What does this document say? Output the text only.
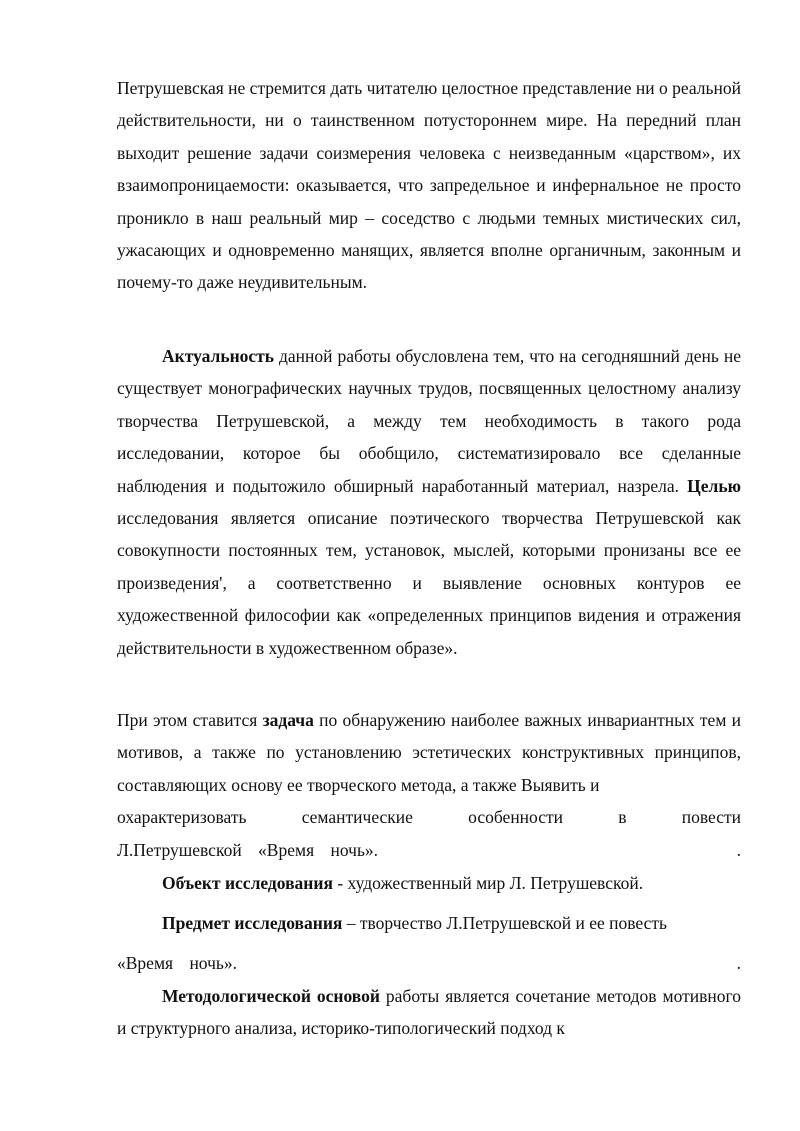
Петрушевская не стремится дать читателю целостное представление ни о реальной действительности, ни о таинственном потустороннем мире. На передний план выходит решение задачи соизмерения человека с неизведанным «царством», их взаимопроницаемости: оказывается, что запредельное и инфернальное не просто проникло в наш реальный мир – соседство с людьми темных мистических сил, ужасающих и одновременно манящих, является вполне органичным, законным и почему-то даже неудивительным.

Актуальность данной работы обусловлена тем, что на сегодняшний день не существует монографических научных трудов, посвященных целостному анализу творчества Петрушевской, а между тем необходимость в такого рода исследовании, которое бы обобщило, систематизировало все сделанные наблюдения и подытожило обширный наработанный материал, назрела. Целью исследования является описание поэтического творчества Петрушевской как совокупности постоянных тем, установок, мыслей, которыми пронизаны все ее произведения', а соответственно и выявление основных контуров ее художественной философии как «определенных принципов видения и отражения действительности в художественном образе».

При этом ставится задача по обнаружению наиболее важных инвариантных тем и мотивов, а также по установлению эстетических конструктивных принципов, составляющих основу ее творческого метода, а также Выявить и

охарактеризовать	семантические	особенности	в	повести
Л.Петрушевской «Время ночь».	.

Объект исследования - художественный мир Л. Петрушевской.

Предмет исследования – творчество Л.Петрушевской и ее повесть

«Время ночь».	.

Методологической основой работы является сочетание методов мотивного и структурного анализа, историко-типологический подход к
